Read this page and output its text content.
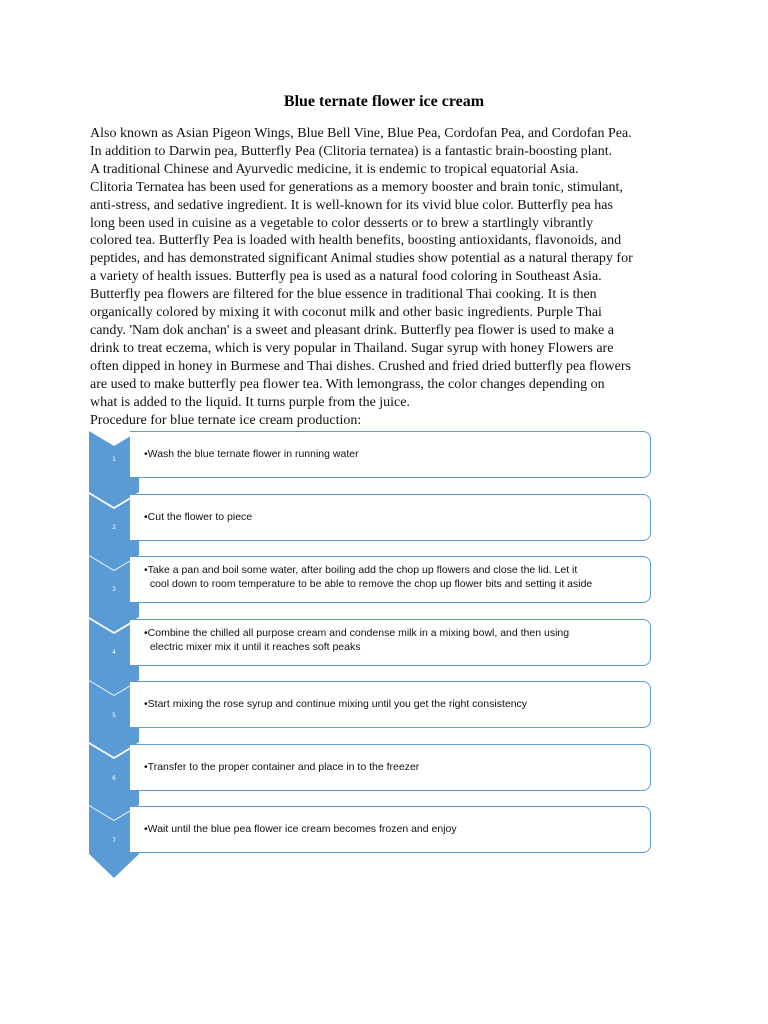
Blue ternate flower ice cream
Also known as Asian Pigeon Wings, Blue Bell Vine, Blue Pea, Cordofan Pea, and Cordofan Pea.
In addition to Darwin pea, Butterfly Pea (Clitoria ternatea) is a fantastic brain-boosting plant.
A traditional Chinese and Ayurvedic medicine, it is endemic to tropical equatorial Asia.
Clitoria Ternatea has been used for generations as a memory booster and brain tonic, stimulant,
anti-stress, and sedative ingredient. It is well-known for its vivid blue color. Butterfly pea has
long been used in cuisine as a vegetable to color desserts or to brew a startlingly vibrantly
colored tea. Butterfly Pea is loaded with health benefits, boosting antioxidants, flavonoids, and
peptides, and has demonstrated significant Animal studies show potential as a natural therapy for
a variety of health issues. Butterfly pea is used as a natural food coloring in Southeast Asia.
Butterfly pea flowers are filtered for the blue essence in traditional Thai cooking. It is then
organically colored by mixing it with coconut milk and other basic ingredients. Purple Thai
candy. 'Nam dok anchan' is a sweet and pleasant drink. Butterfly pea flower is used to make a
drink to treat eczema, which is very popular in Thailand. Sugar syrup with honey Flowers are
often dipped in honey in Burmese and Thai dishes. Crushed and fried dried butterfly pea flowers
are used to make butterfly pea flower tea. With lemongrass, the color changes depending on
what is added to the liquid. It turns purple from the juice.
Procedure for blue ternate ice cream production:
•Wash the blue ternate flower in running water
1
•Cut the flower to piece
2
•Take a pan and boil some water, after boiling add the chop up flowers and close the lid. Let it
cool down to room temperature to be able to remove the chop up flower bits and setting it aside
3
•Combine the chilled all purpose cream and condense milk in a mixing bowl, and then using
electric mixer mix it until it reaches soft peaks
4
•Start mixing the rose syrup and continue mixing until you get the right consistency
5
•Transfer to the proper container and place in to the freezer
6
•Wait until the blue pea flower ice cream becomes frozen and enjoy
7
